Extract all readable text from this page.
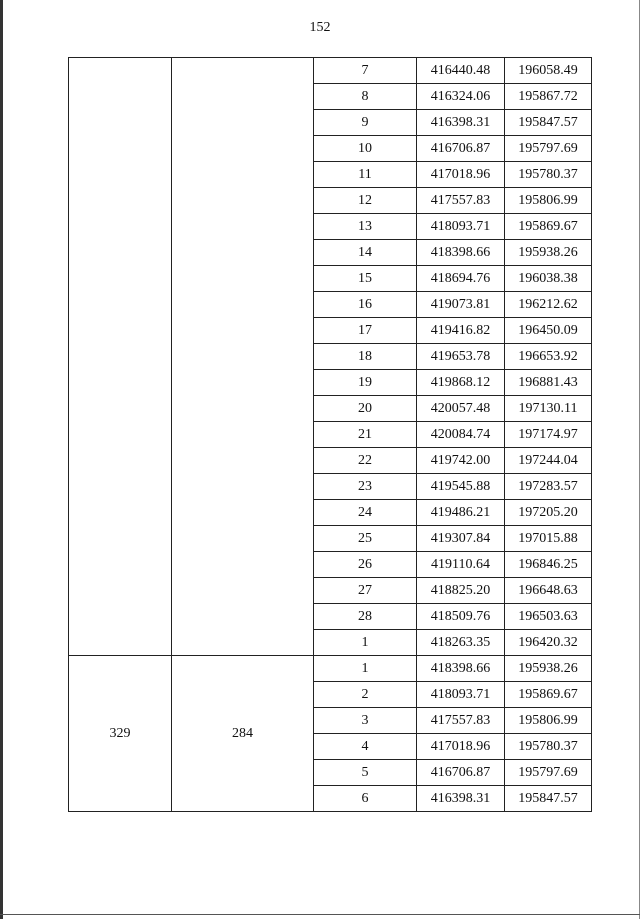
152
		7	416440.48	196058.49
		8	416324.06	195867.72
		9	416398.31	195847.57
		10	416706.87	195797.69
		11	417018.96	195780.37
		12	417557.83	195806.99
		13	418093.71	195869.67
		14	418398.66	195938.26
		15	418694.76	196038.38
		16	419073.81	196212.62
		17	419416.82	196450.09
		18	419653.78	196653.92
		19	419868.12	196881.43
		20	420057.48	197130.11
		21	420084.74	197174.97
		22	419742.00	197244.04
		23	419545.88	197283.57
		24	419486.21	197205.20
		25	419307.84	197015.88
		26	419110.64	196846.25
		27	418825.20	196648.63
		28	418509.76	196503.63
		1	418263.35	196420.32
329	284	1	418398.66	195938.26
		2	418093.71	195869.67
		3	417557.83	195806.99
		4	417018.96	195780.37
		5	416706.87	195797.69
		6	416398.31	195847.57
